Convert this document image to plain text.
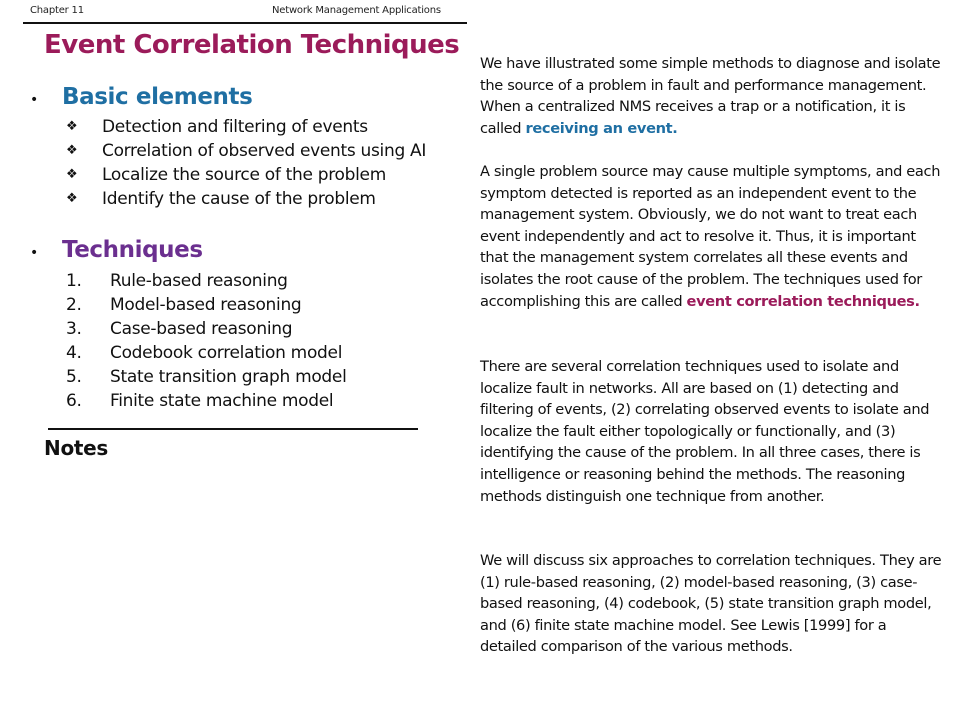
Chapter 11	Network Management Applications
Event Correlation Techniques
• Basic elements
❖	Detection and filtering of events
❖	Correlation of observed events using AI
❖	Localize the source of the problem
❖	Identify the cause of the problem
• Techniques
1.	Rule-based reasoning
2.	Model-based reasoning
3.	Case-based reasoning
4.	Codebook correlation model
5.	State transition graph model
6.	Finite state machine model
Notes
We have illustrated some simple methods to diagnose and isolate the source of a problem in fault and performance management. When a centralized NMS receives a trap or a notification, it is called receiving an event.
A single problem source may cause multiple symptoms, and each symptom detected is reported as an independent event to the management system. Obviously, we do not want to treat each event independently and act to resolve it. Thus, it is important that the management system correlates all these events and isolates the root cause of the problem. The techniques used for accomplishing this are called event correlation techniques.
There are several correlation techniques used to isolate and localize fault in networks. All are based on (1) detecting and filtering of events, (2) correlating observed events to isolate and localize the fault either topologically or functionally, and (3) identifying the cause of the problem. In all three cases, there is intelligence or reasoning behind the methods. The reasoning methods distinguish one technique from another.
We will discuss six approaches to correlation techniques. They are (1) rule-based reasoning, (2) model-based reasoning, (3) case-based reasoning, (4) codebook, (5) state transition graph model, and (6) finite state machine model. See Lewis [1999] for a detailed comparison of the various methods.
